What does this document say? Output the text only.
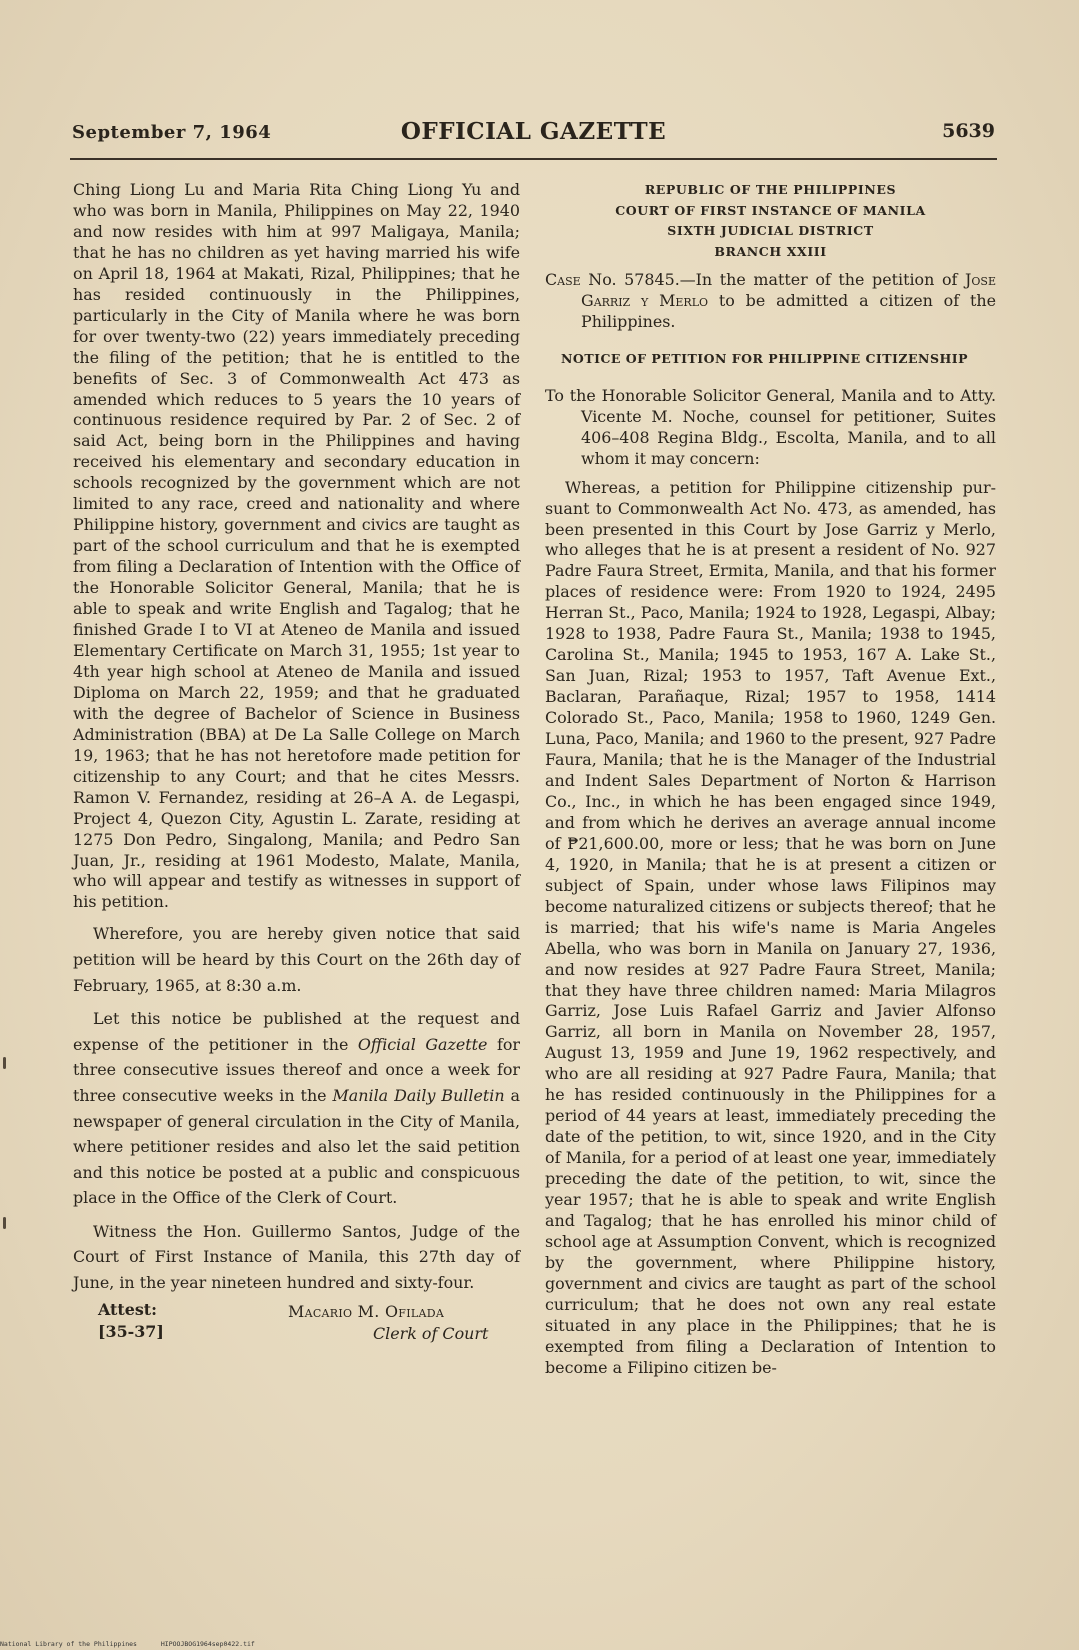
September 7, 1964	OFFICIAL GAZETTE	5639

Ching Liong Lu and Maria Rita Ching Liong Yu and who was born in Manila, Philippines on May 22, 1940 and now resides with him at 997 Maligaya, Manila; that he has no children as yet having married his wife on April 18, 1964 at Makati, Rizal, Philippines; that he has resided continuously in the Philippines, particularly in the City of Manila where he was born for over twenty-two (22) years immediately preceding the filing of the petition; that he is entitled to the benefits of Sec. 3 of Commonwealth Act 473 as amended which reduces to 5 years the 10 years of continuous residence required by Par. 2 of Sec. 2 of said Act, being born in the Philippines and having received his elementary and secondary education in schools recognized by the government which are not limited to any race, creed and nationality and where Philippine history, government and civics are taught as part of the school curriculum and that he is exempted from filing a Declaration of Intention with the Office of the Honorable Solicitor General, Manila; that he is able to speak and write English and Tagalog; that he finished Grade I to VI at Ateneo de Manila and issued Elementary Certificate on March 31, 1955; 1st year to 4th year high school at Ateneo de Manila and issued Diploma on March 22, 1959; and that he graduated with the degree of Bachelor of Science in Business Administration (BBA) at De La Salle College on March 19, 1963; that he has not heretofore made petition for citizenship to any Court; and that he cites Messrs. Ramon V. Fernandez, residing at 26–A A. de Legaspi, Project 4, Quezon City, Agustin L. Zarate, residing at 1275 Don Pedro, Singalong, Manila; and Pedro San Juan, Jr., residing at 1961 Modesto, Malate, Manila, who will appear and testify as witnesses in support of his petition.

Wherefore, you are hereby given notice that said petition will be heard by this Court on the 26th day of February, 1965, at 8:30 a.m.

Let this notice be published at the request and expense of the petitioner in the Official Gazette for three consecutive issues thereof and once a week for three consecutive weeks in the Manila Daily Bulletin a newspaper of general circulation in the City of Manila, where petitioner resides and also let the said petition and this notice be posted at a public and conspicuous place in the Office of the Clerk of Court.

Witness the Hon. Guillermo Santos, Judge of the Court of First Instance of Manila, this 27th day of June, in the year nineteen hundred and sixty-four.

Attest:
[35-37]
Macario M. Ofilada
Clerk of Court

REPUBLIC OF THE PHILIPPINES

COURT OF FIRST INSTANCE OF MANILA

SIXTH JUDICIAL DISTRICT

BRANCH XXIII

Case No. 57845.—In the matter of the petition of Jose Garriz y Merlo to be admitted a citizen of the Philippines.

NOTICE OF PETITION FOR PHILIPPINE CITIZENSHIP

To the Honorable Solicitor General, Manila and to Atty. Vicente M. Noche, counsel for petitioner, Suites 406–408 Regina Bldg., Escolta, Manila, and to all whom it may concern:

Whereas, a petition for Philippine citizenship pursuant to Commonwealth Act No. 473, as amended, has been presented in this Court by Jose Garriz y Merlo, who alleges that he is at present a resident of No. 927 Padre Faura Street, Ermita, Manila, and that his former places of residence were: From 1920 to 1924, 2495 Herran St., Paco, Manila; 1924 to 1928, Legaspi, Albay; 1928 to 1938, Padre Faura St., Manila; 1938 to 1945, Carolina St., Manila; 1945 to 1953, 167 A. Lake St., San Juan, Rizal; 1953 to 1957, Taft Avenue Ext., Baclaran, Parañaque, Rizal; 1957 to 1958, 1414 Colorado St., Paco, Manila; 1958 to 1960, 1249 Gen. Luna, Paco, Manila; and 1960 to the present, 927 Padre Faura, Manila; that he is the Manager of the Industrial and Indent Sales Department of Norton & Harrison Co., Inc., in which he has been engaged since 1949, and from which he derives an average annual income of ₱21,600.00, more or less; that he was born on June 4, 1920, in Manila; that he is at present a citizen or subject of Spain, under whose laws Filipinos may become naturalized citizens or subjects thereof; that he is married; that his wife's name is Maria Angeles Abella, who was born in Manila on January 27, 1936, and now resides at 927 Padre Faura Street, Manila; that they have three children named: Maria Milagros Garriz, Jose Luis Rafael Garriz and Javier Alfonso Garriz, all born in Manila on November 28, 1957, August 13, 1959 and June 19, 1962 respectively, and who are all residing at 927 Padre Faura, Manila; that he has resided continuously in the Philippines for a period of 44 years at least, immediately preceding the date of the petition, to wit, since 1920, and in the City of Manila, for a period of at least one year, immediately preceding the date of the petition, to wit, since the year 1957; that he is able to speak and write English and Tagalog; that he has enrolled his minor child of school age at Assumption Convent, which is recognized by the government, where Philippine history, government and civics are taught as part of the school curriculum; that he does not own any real estate situated in any place in the Philippines; that he is exempted from filing a Declaration of Intention to become a Filipino citizen be-

National Library of the Philippines	HIPOOJBOG1964sep0422.tif
